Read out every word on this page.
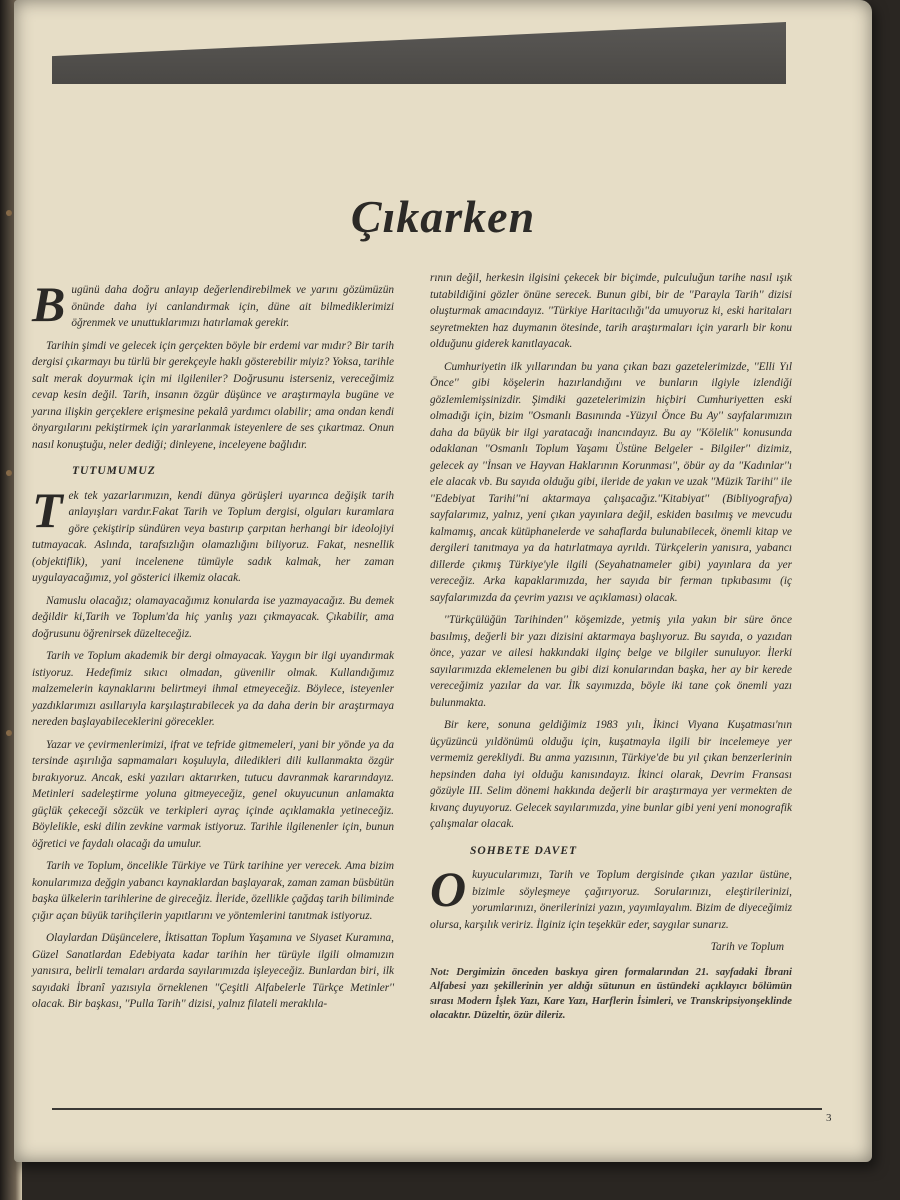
Çıkarken

Bugünü daha doğru anlayıp değerlendirebilmek ve yarını gözümüzün önünde daha iyi canlandırmak için, düne ait bilmediklerimizi öğrenmek ve unuttuklarımızı hatırlamak gerekir.

Tarihin şimdi ve gelecek için gerçekten böyle bir erdemi var mıdır? Bir tarih dergisi çıkarmayı bu türlü bir gerekçeyle haklı gösterebilir miyiz? Yoksa, tarihle salt merak doyurmak için mi ilgileniler? Doğrusunu isterseniz, vereceğimiz cevap kesin değil. Tarih, insanın özgür düşünce ve araştırmayla bugüne ve yarına ilişkin gerçeklere erişmesine pekalâ yardımcı olabilir; ama ondan kendi önyargılarını pekiştirmek için yararlanmak isteyenlere de ses çıkartmaz. Onun nasıl konuştuğu, neler dediği; dinleyene, inceleyene bağlıdır.

TUTUMUMUZ

Tek tek yazarlarımızın, kendi dünya görüşleri uyarınca değişik tarih anlayışları vardır.Fakat Tarih ve Toplum dergisi, olguları kuramlara göre çekiştirip sündüren veya bastırıp çarpıtan herhangi bir ideolojiyi tutmayacak. Aslında, tarafsızlığın olamazlığını biliyoruz. Fakat, nesnellik (objektiflik), yani incelenene tümüyle sadık kalmak, her zaman uygulayacağımız, yol gösterici ilkemiz olacak.

Namuslu olacağız; olamayacağımız konularda ise yazmayacağız. Bu demek değildir ki,Tarih ve Toplum'da hiç yanlış yazı çıkmayacak. Çıkabilir, ama doğrusunu öğrenirsek düzelteceğiz.

Tarih ve Toplum akademik bir dergi olmayacak. Yaygın bir ilgi uyandırmak istiyoruz. Hedefimiz sıkıcı olmadan, güvenilir olmak. Kullandığımız malzemelerin kaynaklarını belirtmeyi ihmal etmeyeceğiz. Böylece, isteyenler yazdıklarımızı asıllarıyla karşılaştırabilecek ya da daha derin bir araştırmaya nereden başlayabileceklerini görecekler.

Yazar ve çevirmenlerimizi, ifrat ve tefride gitmemeleri, yani bir yönde ya da tersinde aşırılığa sapmamaları koşuluyla, diledikleri dili kullanmakta özgür bırakıyoruz. Ancak, eski yazıları aktarırken, tutucu davranmak kararındayız. Metinleri sadeleştirme yoluna gitmeyeceğiz, genel okuyucunun anlamakta güçlük çekeceği sözcük ve terkipleri ayraç içinde açıklamakla yetineceğiz. Böylelikle, eski dilin zevkine varmak istiyoruz. Tarihle ilgilenenler için, bunun öğretici ve faydalı olacağı da umulur.

Tarih ve Toplum, öncelikle Türkiye ve Türk tarihine yer verecek. Ama bizim konularımıza değgin yabancı kaynaklardan başlayarak, zaman zaman büsbütün başka ülkelerin tarihlerine de gireceğiz. İleride, özellikle çağdaş tarih biliminde çığır açan büyük tarihçilerin yapıtlarını ve yöntemlerini tanıtmak istiyoruz.

Olaylardan Düşüncelere, İktisattan Toplum Yaşamına ve Siyaset Kuramına, Güzel Sanatlardan Edebiyata kadar tarihin her türüyle ilgili olmamızın yanısıra, belirli temaları ardarda sayılarımızda işleyeceğiz. Bunlardan biri, ilk sayıdaki İbranî yazısıyla örneklenen ''Çeşitli Alfabelerle Türkçe Metinler'' olacak. Bir başkası, ''Pulla Tarih'' dizisi, yalnız filateli meraklıla-

rının değil, herkesin ilgisini çekecek bir biçimde, pulculuğun tarihe nasıl ışık tutabildiğini gözler önüne serecek. Bunun gibi, bir de ''Parayla Tarih'' dizisi oluşturmak amacındayız. ''Türkiye Haritacılığı''da umuyoruz ki, eski haritaları seyretmekten haz duymanın ötesinde, tarih araştırmaları için yararlı bir konu olduğunu giderek kanıtlayacak.

Cumhuriyetin ilk yıllarından bu yana çıkan bazı gazetelerimizde, ''Elli Yıl Önce'' gibi köşelerin hazırlandığını ve bunların ilgiyle izlendiği gözlemlemişsinizdir. Şimdiki gazetelerimizin hiçbiri Cumhuriyetten eski olmadığı için, bizim ''Osmanlı Basınında -Yüzyıl Önce Bu Ay'' sayfalarımızın daha da büyük bir ilgi yaratacağı inancındayız. Bu ay ''Kölelik'' konusunda odaklanan ''Osmanlı Toplum Yaşamı Üstüne Belgeler - Bilgiler'' dizimiz, gelecek ay ''İnsan ve Hayvan Haklarının Korunması'', öbür ay da ''Kadınlar''ı ele alacak vb. Bu sayıda olduğu gibi, ileride de yakın ve uzak ''Müzik Tarihi'' ile ''Edebiyat Tarihi''ni aktarmaya çalışacağız.''Kitabiyat'' (Bibliyografya) sayfalarımız, yalnız, yeni çıkan yayınlara değil, eskiden basılmış ve mevcudu kalmamış, ancak kütüphanelerde ve sahaflarda bulunabilecek, önemli kitap ve dergileri tanıtmaya ya da hatırlatmaya ayrıldı. Türkçelerin yanısıra, yabancı dillerde çıkmış Türkiye'yle ilgili (Seyahatnameler gibi) yayınlara da yer vereceğiz. Arka kapaklarımızda, her sayıda bir ferman tıpkıbasımı (iç sayfalarımızda da çevrim yazısı ve açıklaması) olacak.

''Türkçülüğün Tarihinden'' köşemizde, yetmiş yıla yakın bir süre önce basılmış, değerli bir yazı dizisini aktarmaya başlıyoruz. Bu sayıda, o yazıdan önce, yazar ve ailesi hakkındaki ilginç belge ve bilgiler sunuluyor. İlerki sayılarımızda eklemelenen bu gibi dizi konularından başka, her ay bir kerede vereceğimiz yazılar da var. İlk sayımızda, böyle iki tane çok önemli yazı bulunmakta.

Bir kere, sonuna geldiğimiz 1983 yılı, İkinci Viyana Kuşatması'nın üçyüzüncü yıldönümü olduğu için, kuşatmayla ilgili bir incelemeye yer vermemiz gerekliydi. Bu anma yazısının, Türkiye'de bu yıl çıkan benzerlerinin hepsinden daha iyi olduğu kanısındayız. İkinci olarak, Devrim Fransası gözüyle III. Selim dönemi hakkında değerli bir araştırmaya yer vermekten de kıvanç duyuyoruz. Gelecek sayılarımızda, yine bunlar gibi yeni yeni monografik çalışmalar olacak.

SOHBETE DAVET

Okuyucularımızı, Tarih ve Toplum dergisinde çıkan yazılar üstüne, bizimle söyleşmeye çağırıyoruz. Sorularınızı, eleştirilerinizi, yorumlarınızı, önerilerinizi yazın, yayımlayalım. Bizim de diyeceğimiz olursa, karşılık veririz. İlginiz için teşekkür eder, saygılar sunarız.

Tarih ve Toplum

Not: Dergimizin önceden baskıya giren formalarından 21. sayfadaki İbrani Alfabesi yazı şekillerinin yer aldığı sütunun en üstündeki açıklayıcı bölümün sırası Modern İşlek Yazı, Kare Yazı, Harflerin İsimleri, ve Transkripsiyonşeklinde olacaktır. Düzeltir, özür dileriz.

3
